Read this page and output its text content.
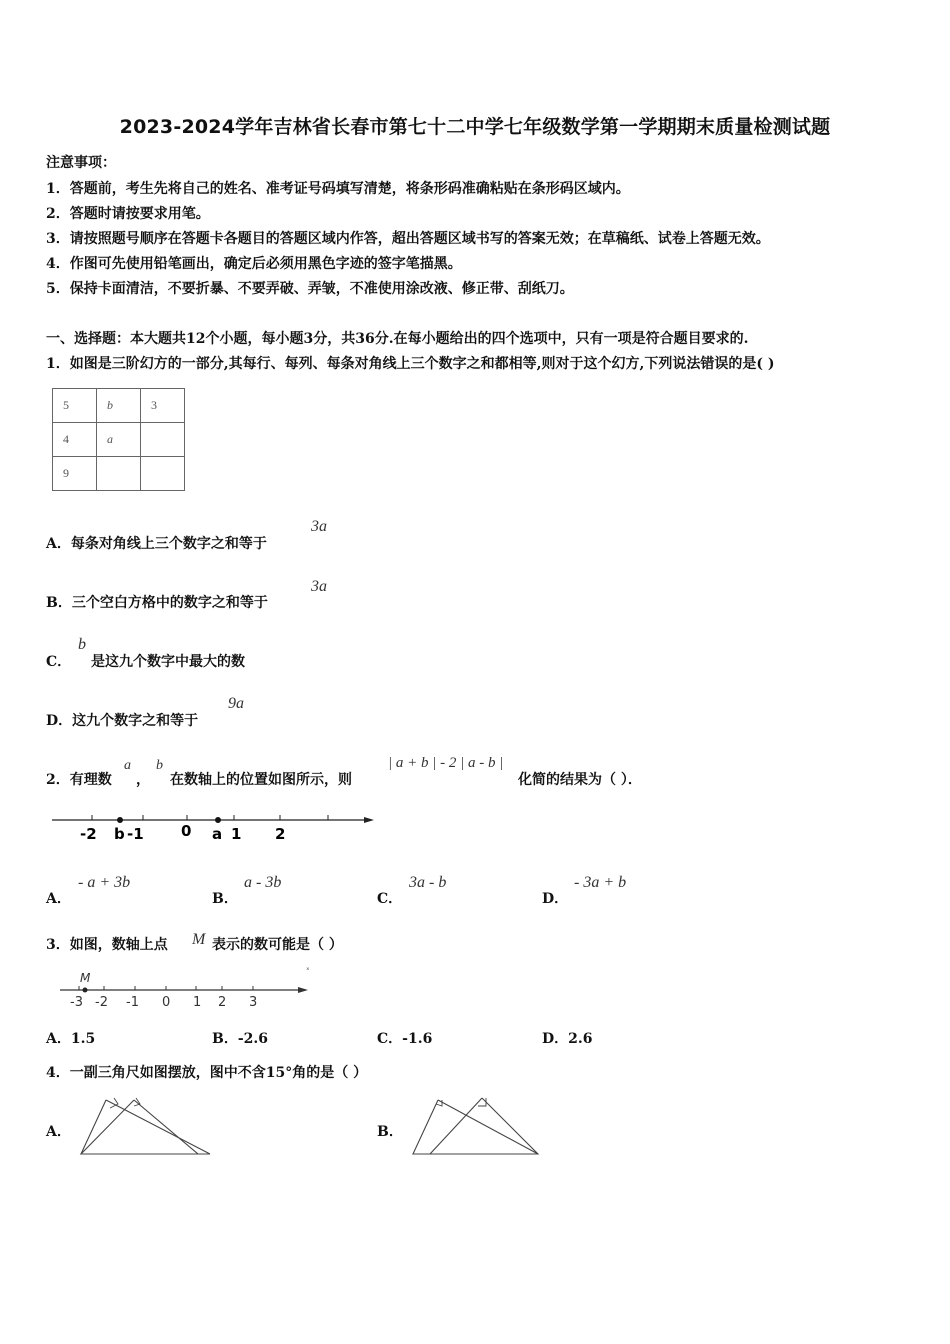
2023-2024学年吉林省长春市第七十二中学七年级数学第一学期期末质量检测试题
注意事项：
1．答题前，考生先将自己的姓名、准考证号码填写清楚，将条形码准确粘贴在条形码区域内。
2．答题时请按要求用笔。
3．请按照题号顺序在答题卡各题目的答题区域内作答，超出答题区域书写的答案无效；在草稿纸、试卷上答题无效。
4．作图可先使用铅笔画出，确定后必须用黑色字迹的签字笔描黑。
5．保持卡面清洁，不要折暴、不要弄破、弄皱，不准使用涂改液、修正带、刮纸刀。
一、选择题：本大题共12个小题，每小题3分，共36分.在每小题给出的四个选项中，只有一项是符合题目要求的.
1．如图是三阶幻方的一部分,其每行、每列、每条对角线上三个数字之和都相等,则对于这个幻方,下列说法错误的是( )
5	b	3
4	a	
9		
A．每条对角线上三个数字之和等于
3a
B．三个空白方格中的数字之和等于
3a
C．
b
是这九个数字中最大的数
D．这九个数字之和等于
9a
2．有理数
a
，
b
在数轴上的位置如图所示，则
| a + b | - 2 | a - b |
化简的结果为（ ）．
-2 b -1 0 a 1 2
A．
- a + 3b
B．
a - 3b
C．
3a - b
D．
- 3a + b
3．如图，数轴上点 M 表示的数可能是（ ）
ₓ
M
-3 -2 -1 0 1 2 3
A．1.5	B．-2.6	C．-1.6	D．2.6
4．一副三角尺如图摆放，图中不含15°角的是（ ）
A．	B．
